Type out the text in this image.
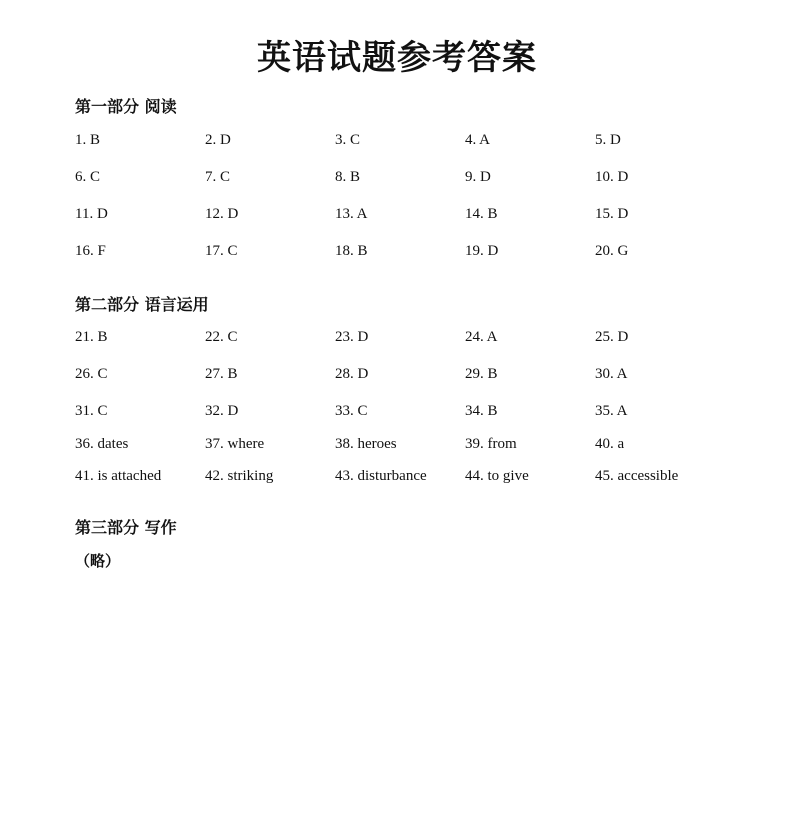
英语试题参考答案
第一部分 阅读
1. B	2. D	3. C	4. A	5. D
6. C	7. C	8. B	9. D	10. D
11. D	12. D	13. A	14. B	15. D
16. F	17. C	18. B	19. D	20. G
第二部分 语言运用
21. B	22. C	23. D	24. A	25. D
26. C	27. B	28. D	29. B	30. A
31. C	32. D	33. C	34. B	35. A
36. dates	37. where	38. heroes	39. from	40. a
41. is attached	42. striking	43. disturbance	44. to give	45. accessible
第三部分 写作
（略）
